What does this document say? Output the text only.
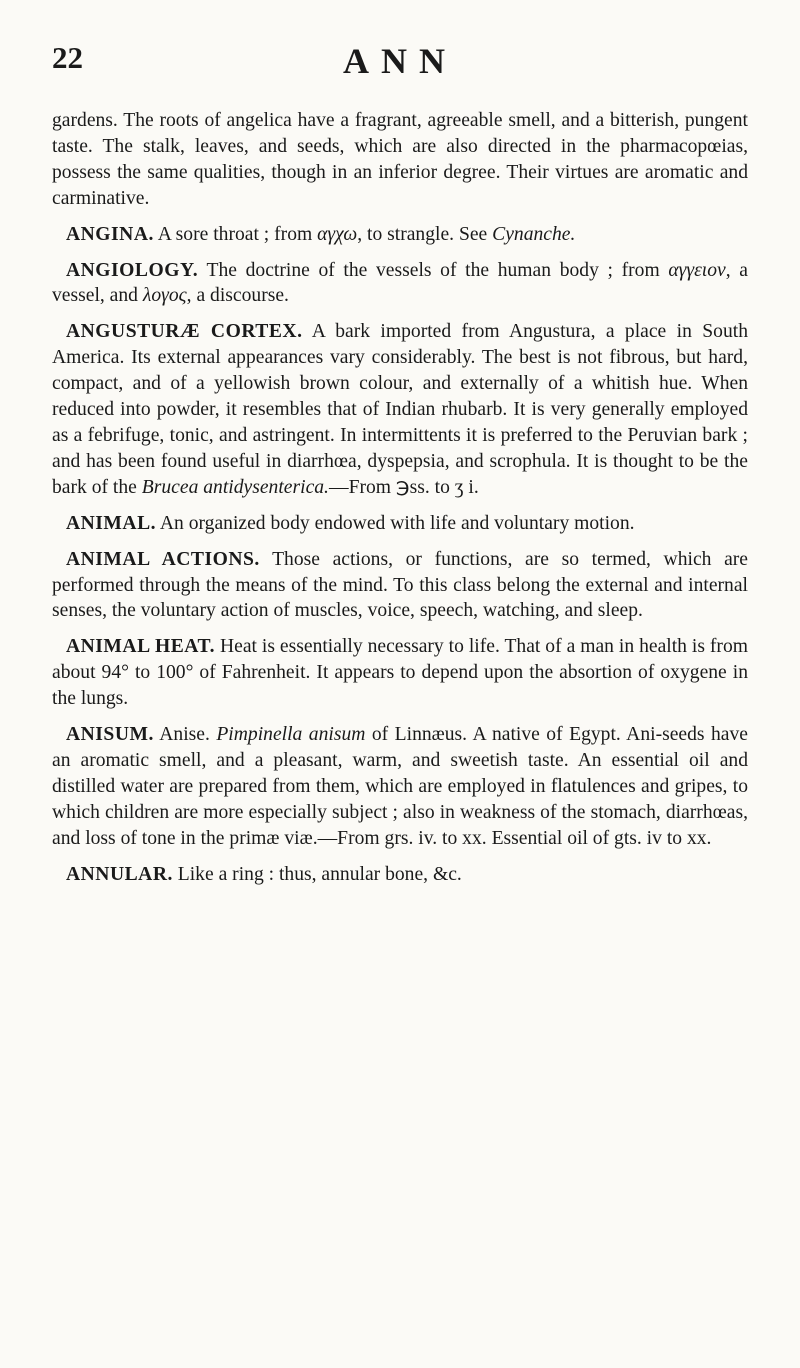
22	ANN

gardens. The roots of angelica have a fragrant, agreeable smell, and a bitterish, pungent taste. The stalk, leaves, and seeds, which are also directed in the pharmacopœias, possess the same qualities, though in an inferior degree. Their virtues are aromatic and carminative.

ANGINA. A sore throat ; from αγχω, to strangle. See Cynanche.

ANGIOLOGY. The doctrine of the vessels of the human body ; from αγγειον, a vessel, and λογος, a discourse.

ANGUSTURÆ CORTEX. A bark imported from Angustura, a place in South America. Its external appearances vary considerably. The best is not fibrous, but hard, compact, and of a yellowish brown colour, and externally of a whitish hue. When reduced into powder, it resembles that of Indian rhubarb. It is very generally employed as a febrifuge, tonic, and astringent. In intermittents it is preferred to the Peruvian bark ; and has been found useful in diarrhœa, dyspepsia, and scrophula. It is thought to be the bark of the Brucea antidysenterica.—From ℈ss. to ʒ i.

ANIMAL. An organized body endowed with life and voluntary motion.

ANIMAL ACTIONS. Those actions, or functions, are so termed, which are performed through the means of the mind. To this class belong the external and internal senses, the voluntary action of muscles, voice, speech, watching, and sleep.

ANIMAL HEAT. Heat is essentially necessary to life. That of a man in health is from about 94° to 100° of Fahrenheit. It appears to depend upon the absortion of oxygene in the lungs.

ANISUM. Anise. Pimpinella anisum of Linnæus. A native of Egypt. Ani-seeds have an aromatic smell, and a pleasant, warm, and sweetish taste. An essential oil and distilled water are prepared from them, which are employed in flatulences and gripes, to which children are more especially subject ; also in weakness of the stomach, diarrhœas, and loss of tone in the primæ viæ.—From grs. iv. to xx. Essential oil of gts. iv to xx.

ANNULAR. Like a ring : thus, annular bone, &c.
